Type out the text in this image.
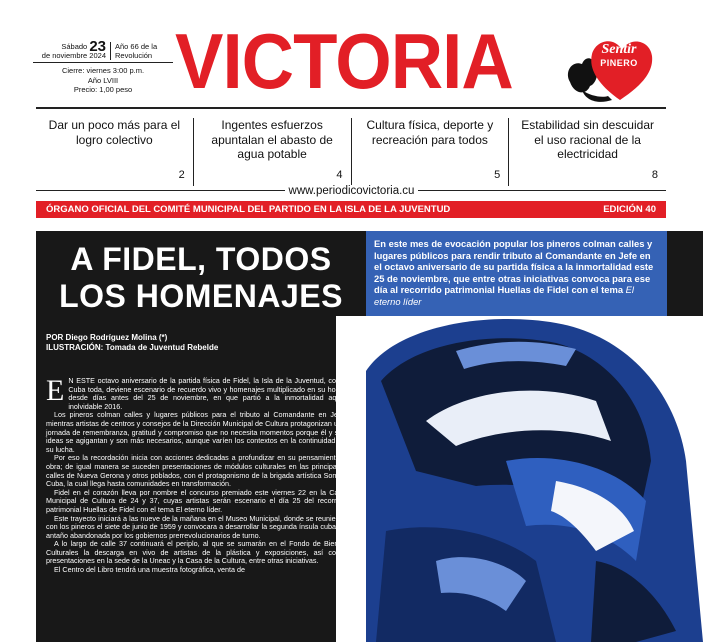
Sábado 23
de noviembre 2024
Año 66 de la
Revolución
Cierre: viernes 3:00 p.m.
Año LVIII
Precio: 1,00 peso VICTORIA	Sentir
PINERO
Dar un poco más para el logro colectivo
2
Ingentes esfuerzos apuntalan el abasto de agua potable
4
Cultura física, deporte y recreación para todos
5
Estabilidad sin descuidar el uso racional de la electricidad
8
www.periodicovictoria.cu
ÓRGANO OFICIAL DEL COMITÉ MUNICIPAL DEL PARTIDO EN LA ISLA DE LA JUVENTUD	EDICIÓN 40
A FIDEL, TODOS
LOS HOMENAJES
En este mes de evocación popular los pineros colman calles y lugares públicos para rendir tributo al Comandante en Jefe en el octavo aniversario de su partida física a la inmortalidad este 25 de noviembre, que entre otras iniciativas convoca para ese día al recorrido patrimonial Huellas de Fidel con el tema El eterno líder
POR Diego Rodríguez Molina (*)
ILUSTRACIÓN: Tomada de Juventud Rebelde

E N ESTE octavo aniversario de la partida física de Fidel, la Isla de la Juventud, como Cuba toda, deviene escenario de recuerdo vivo y homenajes multiplicado en su honor desde días antes del 25 de noviembre, en que partió a la inmortalidad aquel inolvidable 2016.

Los pineros colman calles y lugares públicos para el tributo al Comandante en Jefe, mientras artistas de centros y consejos de la Dirección Municipal de Cultura protagonizan una jornada de remembranza, gratitud y compromiso que no necesita momentos porque él y sus ideas se agigantan y son más necesarios, aunque varíen los contextos en la continuidad de su lucha.

Por eso la recordación inicia con acciones dedicadas a profundizar en su pensamiento y obra; de igual manera se suceden presentaciones de módulos culturales en las principales calles de Nueva Gerona y otros poblados, con el protagonismo de la brigada artística Somos Cuba, la cual llega hasta comunidades en transformación.

Fidel en el corazón lleva por nombre el concurso premiado este viernes 22 en la Casa Municipal de Cultura de 24 y 37, cuyas artistas serán escenario el día 25 del recorrido patrimonial Huellas de Fidel con el tema El eterno líder.

Este trayecto iniciará a las nueve de la mañana en el Museo Municipal, donde se reunieron con los pineros el siete de junio de 1959 y convocara a desarrollar la segunda ínsula cubana, antaño abandonada por los gobiernos prerrevolucionarios de turno.

A lo largo de calle 37 continuará el periplo, al que se sumarán en el Fondo de Bienes Culturales la descarga en vivo de artistas de la plástica y exposiciones, así como presentaciones en la sede de la Uneac y la Casa de la Cultura, entre otras iniciativas.

El Centro del Libro tendrá una muestra fotográfica, venta de
